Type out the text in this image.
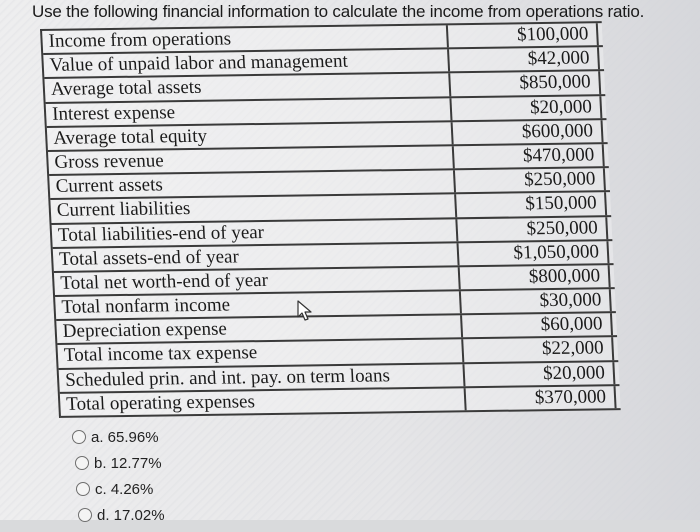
Use the following financial information to calculate the income from operations ratio.
Income from operations	$100,000
Value of unpaid labor and management	$42,000
Average total assets	$850,000
Interest expense	$20,000
Average total equity	$600,000
Gross revenue	$470,000
Current assets	$250,000
Current liabilities	$150,000
Total liabilities-end of year	$250,000
Total assets-end of year	$1,050,000
Total net worth-end of year	$800,000
Total nonfarm income	$30,000
Depreciation expense	$60,000
Total income tax expense	$22,000
Scheduled prin. and int. pay. on term loans	$20,000
Total operating expenses	$370,000
a. 65.96%
b. 12.77%
c. 4.26%
d. 17.02%
